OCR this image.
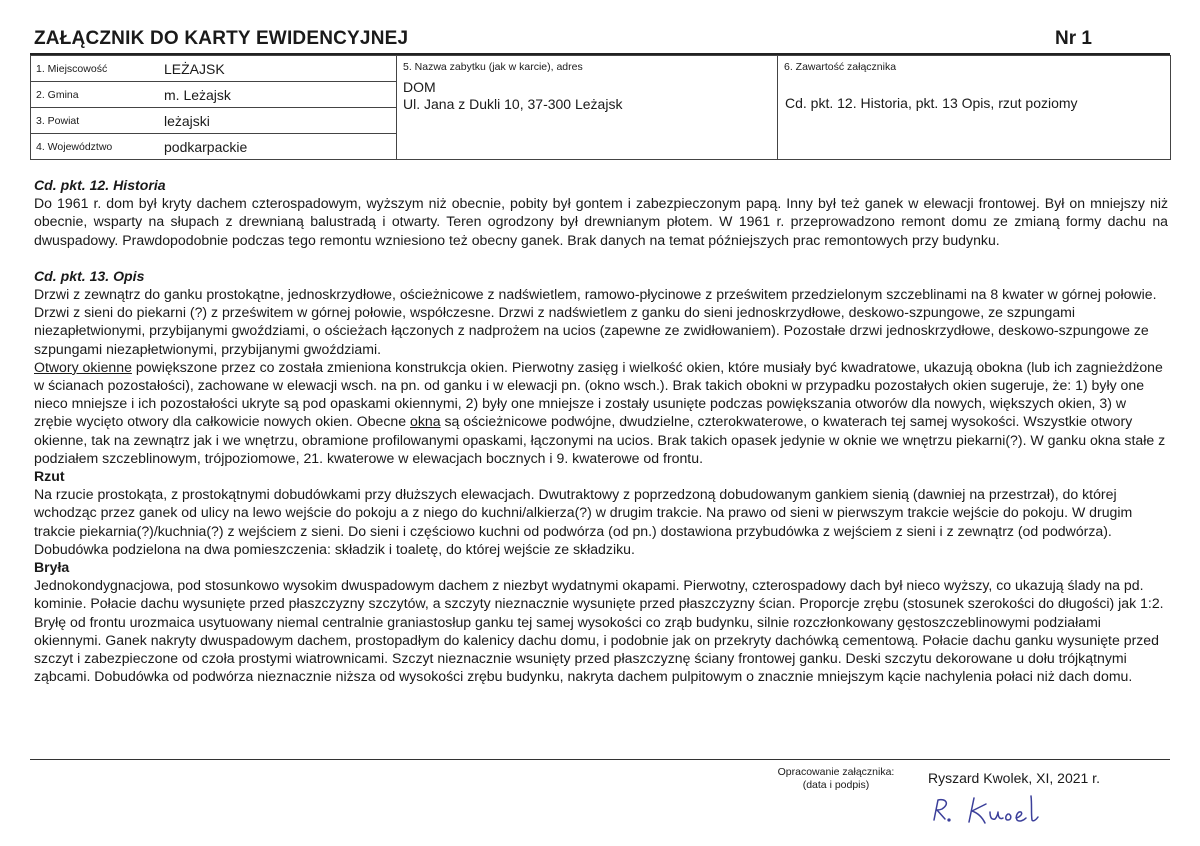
ZAŁĄCZNIK DO KARTY EWIDENCYJNEJ	Nr 1
1. Miejscowość	LEŻAJSK
2. Gmina	m. Leżajsk
3. Powiat	leżajski
4. Województwo	podkarpackie

5. Nazwa zabytku (jak w karcie), adres
DOM
Ul. Jana z Dukli 10, 37-300 Leżajsk

6. Zawartość załącznika
Cd. pkt. 12. Historia, pkt. 13 Opis, rzut poziomy
Cd. pkt. 12. Historia

Do 1961 r. dom był kryty dachem czterospadowym, wyższym niż obecnie, pobity był gontem i zabezpieczonym papą. Inny był też ganek w elewacji frontowej. Był on mniejszy niż obecnie, wsparty na słupach z drewnianą balustradą i otwarty. Teren ogrodzony był drewnianym płotem. W 1961 r. przeprowadzono remont domu ze zmianą formy dachu na dwuspadowy. Prawdopodobnie podczas tego remontu wzniesiono też obecny ganek. Brak danych na temat późniejszych prac remontowych przy budynku.

Cd. pkt. 13. Opis

Drzwi z zewnątrz do ganku prostokątne, jednoskrzydłowe, ościeżnicowe z nadświetlem, ramowo-płycinowe z prześwitem przedzielonym szczeblinami na 8 kwater w górnej połowie. Drzwi z sieni do piekarni (?) z prześwitem w górnej połowie, współczesne. Drzwi z nadświetlem z ganku do sieni jednoskrzydłowe, deskowo-szpungowe, ze szpungami niezapłetwionymi, przybijanymi gwoździami, o ościeżach łączonych z nadprożem na ucios (zapewne ze zwidłowaniem). Pozostałe drzwi jednoskrzydłowe, deskowo-szpungowe ze szpungami niezapłetwionymi, przybijanymi gwoździami.

Otwory okienne powiększone przez co została zmieniona konstrukcja okien. Pierwotny zasięg i wielkość okien, które musiały być kwadratowe, ukazują obokna (lub ich zagnieżdżone w ścianach pozostałości), zachowane w elewacji wsch. na pn. od ganku i w elewacji pn. (okno wsch.). Brak takich obokni w przypadku pozostałych okien sugeruje, że: 1) były one nieco mniejsze i ich pozostałości ukryte są pod opaskami okiennymi, 2) były one mniejsze i zostały usunięte podczas powiększania otworów dla nowych, większych okien, 3) w zrębie wycięto otwory dla całkowicie nowych okien. Obecne okna są ościeżnicowe podwójne, dwudzielne, czterokwaterowe, o kwaterach tej samej wysokości. Wszystkie otwory okienne, tak na zewnątrz jak i we wnętrzu, obramione profilowanymi opaskami, łączonymi na ucios. Brak takich opasek jedynie w oknie we wnętrzu piekarni(?). W ganku okna stałe z podziałem szczeblinowym, trójpoziomowe, 21. kwaterowe w elewacjach bocznych i 9. kwaterowe od frontu.

Rzut

Na rzucie prostokąta, z prostokątnymi dobudówkami przy dłuższych elewacjach. Dwutraktowy z poprzedzoną dobudowanym gankiem sienią (dawniej na przestrzał), do której wchodząc przez ganek od ulicy na lewo wejście do pokoju a z niego do kuchni/alkierza(?) w drugim trakcie. Na prawo od sieni w pierwszym trakcie wejście do pokoju. W drugim trakcie piekarnia(?)/kuchnia(?) z wejściem z sieni. Do sieni i częściowo kuchni od podwórza (od pn.) dostawiona przybudówka z wejściem z sieni i z zewnątrz (od podwórza). Dobudówka podzielona na dwa pomieszczenia: składzik i toaletę, do której wejście ze składziku.

Bryła

Jednokondygnacjowa, pod stosunkowo wysokim dwuspadowym dachem z niezbyt wydatnymi okapami. Pierwotny, czterospadowy dach był nieco wyższy, co ukazują ślady na pd. kominie. Połacie dachu wysunięte przed płaszczyzny szczytów, a szczyty nieznacznie wysunięte przed płaszczyzny ścian. Proporcje zrębu (stosunek szerokości do długości) jak 1:2. Bryłę od frontu urozmaica usytuowany niemal centralnie graniastosłup ganku tej samej wysokości co zrąb budynku, silnie rozczłonkowany gęstoszczeblinowymi podziałami okiennymi. Ganek nakryty dwuspadowym dachem, prostopadłym do kalenicy dachu domu, i podobnie jak on przekryty dachówką cementową. Połacie dachu ganku wysunięte przed szczyt i zabezpieczone od czoła prostymi wiatrownicami. Szczyt nieznacznie wsunięty przed płaszczyznę ściany frontowej ganku. Deski szczytu dekorowane u dołu trójkątnymi ząbcami. Dobudówka od podwórza nieznacznie niższa od wysokości zrębu budynku, nakryta dachem pulpitowym o znacznie mniejszym kącie nachylenia połaci niż dach domu.

Opracowanie załącznika:
(data i podpis)	Ryszard Kwolek, XI, 2021 r.
